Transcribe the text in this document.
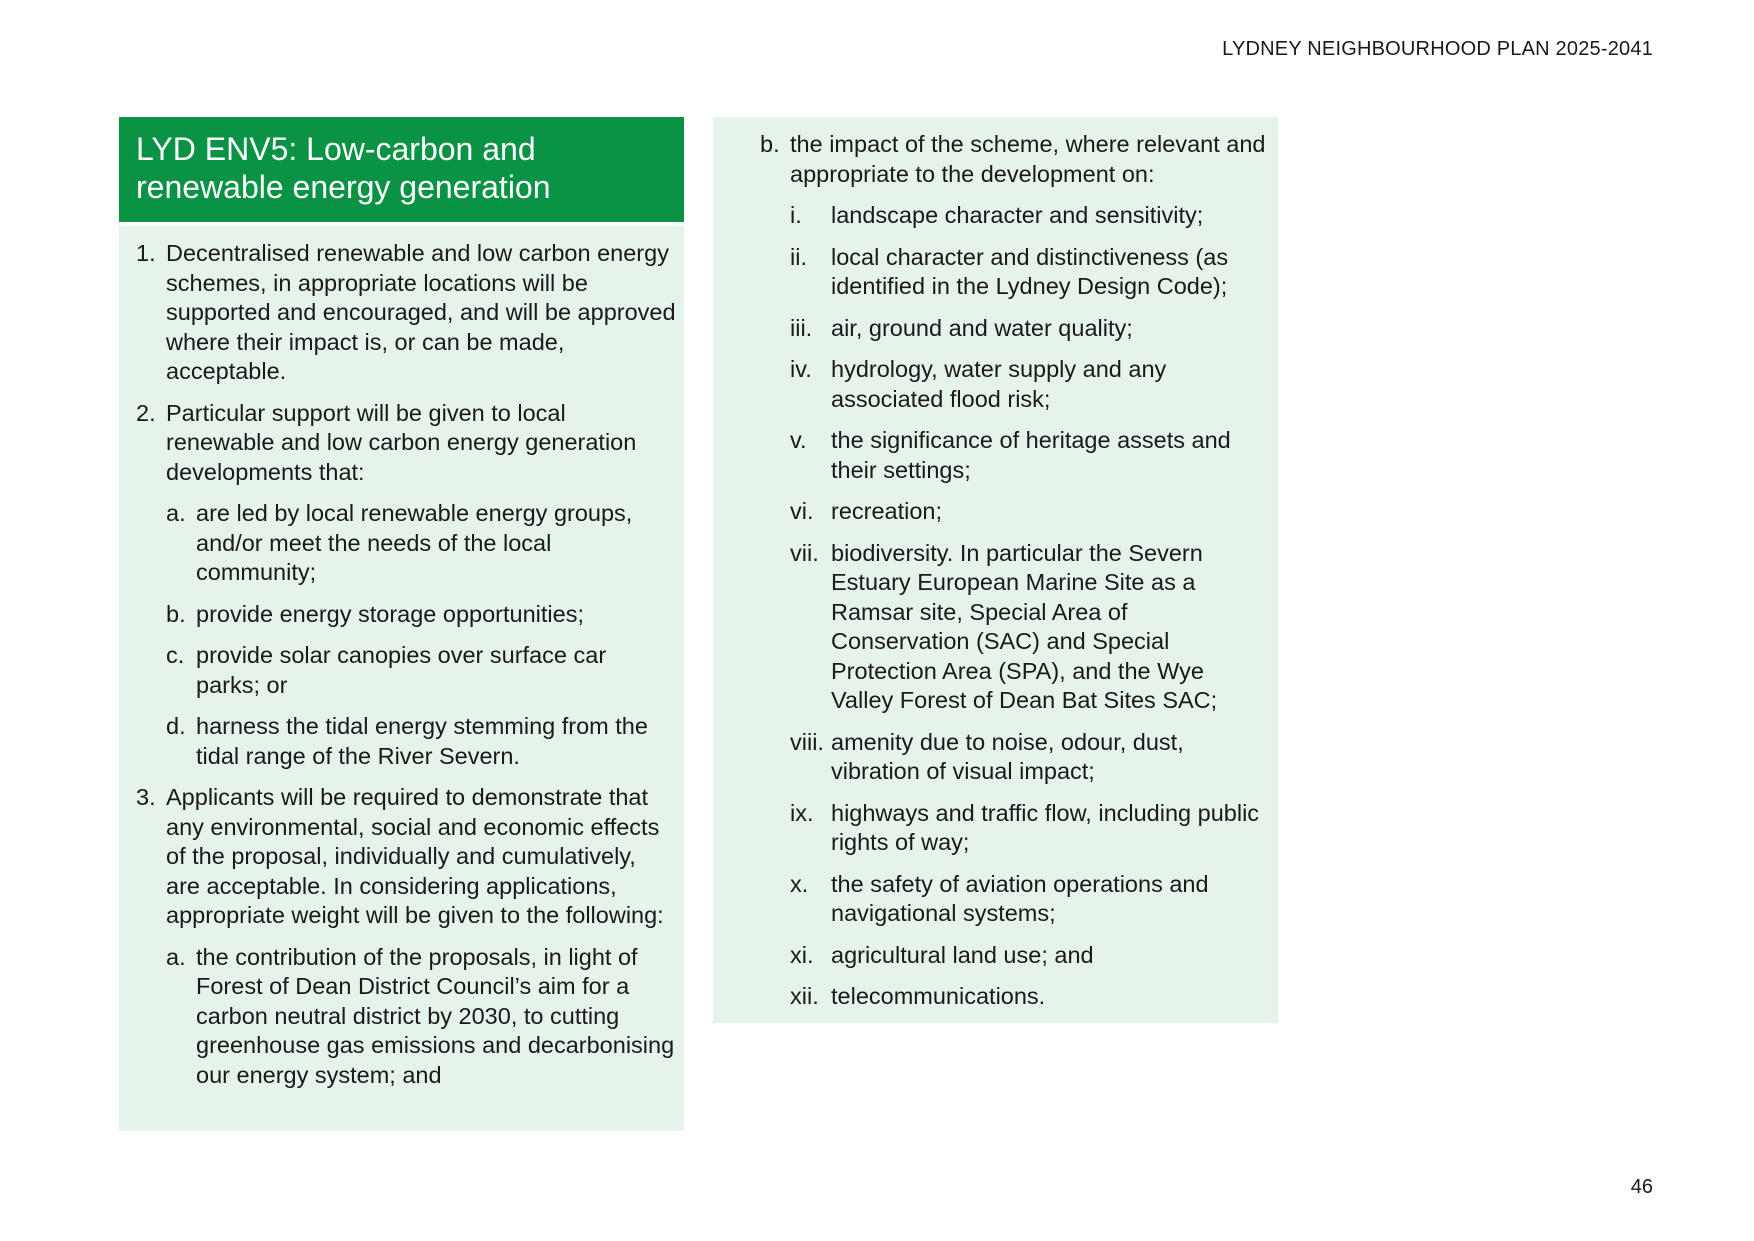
LYDNEY NEIGHBOURHOOD PLAN 2025-2041
LYD ENV5: Low-carbon and renewable energy generation
1. Decentralised renewable and low carbon energy schemes, in appropriate locations will be supported and encouraged, and will be approved where their impact is, or can be made, acceptable.
2. Particular support will be given to local renewable and low carbon energy generation developments that:
a. are led by local renewable energy groups, and/or meet the needs of the local community;
b. provide energy storage opportunities;
c. provide solar canopies over surface car parks; or
d. harness the tidal energy stemming from the tidal range of the River Severn.
3. Applicants will be required to demonstrate that any environmental, social and economic effects of the proposal, individually and cumulatively, are acceptable. In considering applications, appropriate weight will be given to the following:
a. the contribution of the proposals, in light of Forest of Dean District Council’s aim for a carbon neutral district by 2030, to cutting greenhouse gas emissions and decarbonising our energy system; and
b. the impact of the scheme, where relevant and appropriate to the development on:
i.	landscape character and sensitivity;
ii.	local character and distinctiveness (as identified in the Lydney Design Code);
iii. air, ground and water quality;
iv. hydrology, water supply and any associated flood risk;
v.	the significance of heritage assets and their settings;
vi. recreation;
vii. biodiversity. In particular the Severn Estuary European Marine Site as a Ramsar site, Special Area of Conservation (SAC) and Special Protection Area (SPA), and the Wye Valley Forest of Dean Bat Sites SAC;
viii. amenity due to noise, odour, dust, vibration of visual impact;
ix. highways and traffic flow, including public rights of way;
x. the safety of aviation operations and navigational systems;
xi. agricultural land use; and
xii. telecommunications.
46
